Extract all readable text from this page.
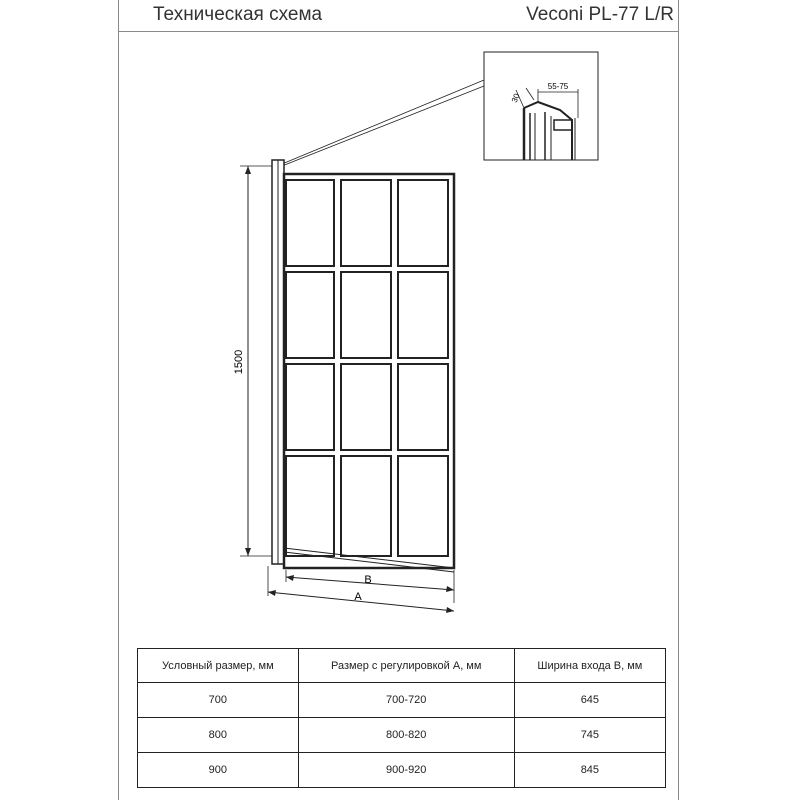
Техническая схема	Veconi PL-77 L/R
55-75
30
1500
B
A
Условный размер, мм	Размер с регулировкой А, мм	Ширина входа В, мм
700	700-720	645
800	800-820	745
900	900-920	845
